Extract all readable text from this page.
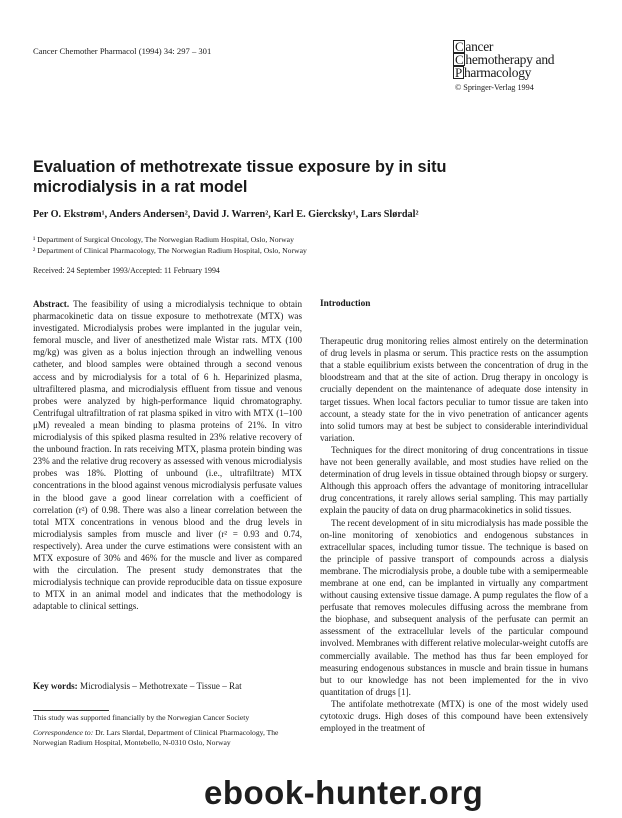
Cancer Chemother Pharmacol (1994) 34: 297 – 301	C ancer
C hemotherapy and
P harmacology
© Springer-Verlag 1994
Evaluation of methotrexate tissue exposure by in situ microdialysis in a rat model
Per O. Ekstrøm¹, Anders Andersen², David J. Warren², Karl E. Giercksky¹, Lars Slørdal²
¹ Department of Surgical Oncology, The Norwegian Radium Hospital, Oslo, Norway
² Department of Clinical Pharmacology, The Norwegian Radium Hospital, Oslo, Norway
Received: 24 September 1993/Accepted: 11 February 1994
Abstract. The feasibility of using a microdialysis technique to obtain pharmacokinetic data on tissue exposure to methotrexate (MTX) was investigated. Microdialysis probes were implanted in the jugular vein, femoral muscle, and liver of anesthetized male Wistar rats. MTX (100 mg/kg) was given as a bolus injection through an indwelling venous catheter, and blood samples were obtained through a second venous access and by microdialysis for a total of 6 h. Heparinized plasma, ultrafiltered plasma, and microdialysis effluent from tissue and venous probes were analyzed by high-performance liquid chromatography. Centrifugal ultrafiltration of rat plasma spiked in vitro with MTX (1–100 μM) revealed a mean binding to plasma proteins of 21%. In vitro microdialysis of this spiked plasma resulted in 23% relative recovery of the unbound fraction. In rats receiving MTX, plasma protein binding was 23% and the relative drug recovery as assessed with venous microdialysis probes was 18%. Plotting of unbound (i.e., ultrafiltrate) MTX concentrations in the blood against venous microdialysis perfusate values in the blood gave a good linear correlation with a coefficient of correlation (r²) of 0.98. There was also a linear correlation between the total MTX concentrations in venous blood and the drug levels in microdialysis samples from muscle and liver (r² = 0.93 and 0.74, respectively). Area under the curve estimations were consistent with an MTX exposure of 30% and 46% for the muscle and liver as compared with the circulation. The present study demonstrates that the microdialysis technique can provide reproducible data on tissue exposure to MTX in an animal model and indicates that the methodology is adaptable to clinical settings.
Key words: Microdialysis – Methotrexate – Tissue – Rat
This study was supported financially by the Norwegian Cancer Society
Correspondence to: Dr. Lars Slørdal, Department of Clinical Pharmacology, The Norwegian Radium Hospital, Montebello, N-0310 Oslo, Norway
Introduction

Therapeutic drug monitoring relies almost entirely on the determination of drug levels in plasma or serum. This practice rests on the assumption that a stable equilibrium exists between the concentration of drug in the bloodstream and that at the site of action. Drug therapy in oncology is crucially dependent on the maintenance of adequate dose intensity in target tissues. When local factors peculiar to tumor tissue are taken into account, a steady state for the in vivo penetration of anticancer agents into solid tumors may at best be subject to considerable interindividual variation.

Techniques for the direct monitoring of drug concentrations in tissue have not been generally available, and most studies have relied on the determination of drug levels in tissue obtained through biopsy or surgery. Although this approach offers the advantage of monitoring intracellular drug concentrations, it rarely allows serial sampling. This may partially explain the paucity of data on drug pharmacokinetics in solid tissues.

The recent development of in situ microdialysis has made possible the on-line monitoring of xenobiotics and endogenous substances in extracellular spaces, including tumor tissue. The technique is based on the principle of passive transport of compounds across a dialysis membrane. The microdialysis probe, a double tube with a semipermeable membrane at one end, can be implanted in virtually any compartment without causing extensive tissue damage. A pump regulates the flow of a perfusate that removes molecules diffusing across the membrane from the biophase, and subsequent analysis of the perfusate can permit an assessment of the extracellular levels of the particular compound involved. Membranes with different relative molecular-weight cutoffs are commercially available. The method has thus far been employed for measuring endogenous substances in muscle and brain tissue in humans but to our knowledge has not been implemented for the in vivo quantitation of drugs [1].

The antifolate methotrexate (MTX) is one of the most widely used cytotoxic drugs. High doses of this compound have been extensively employed in the treatment of

ebook-hunter.org
